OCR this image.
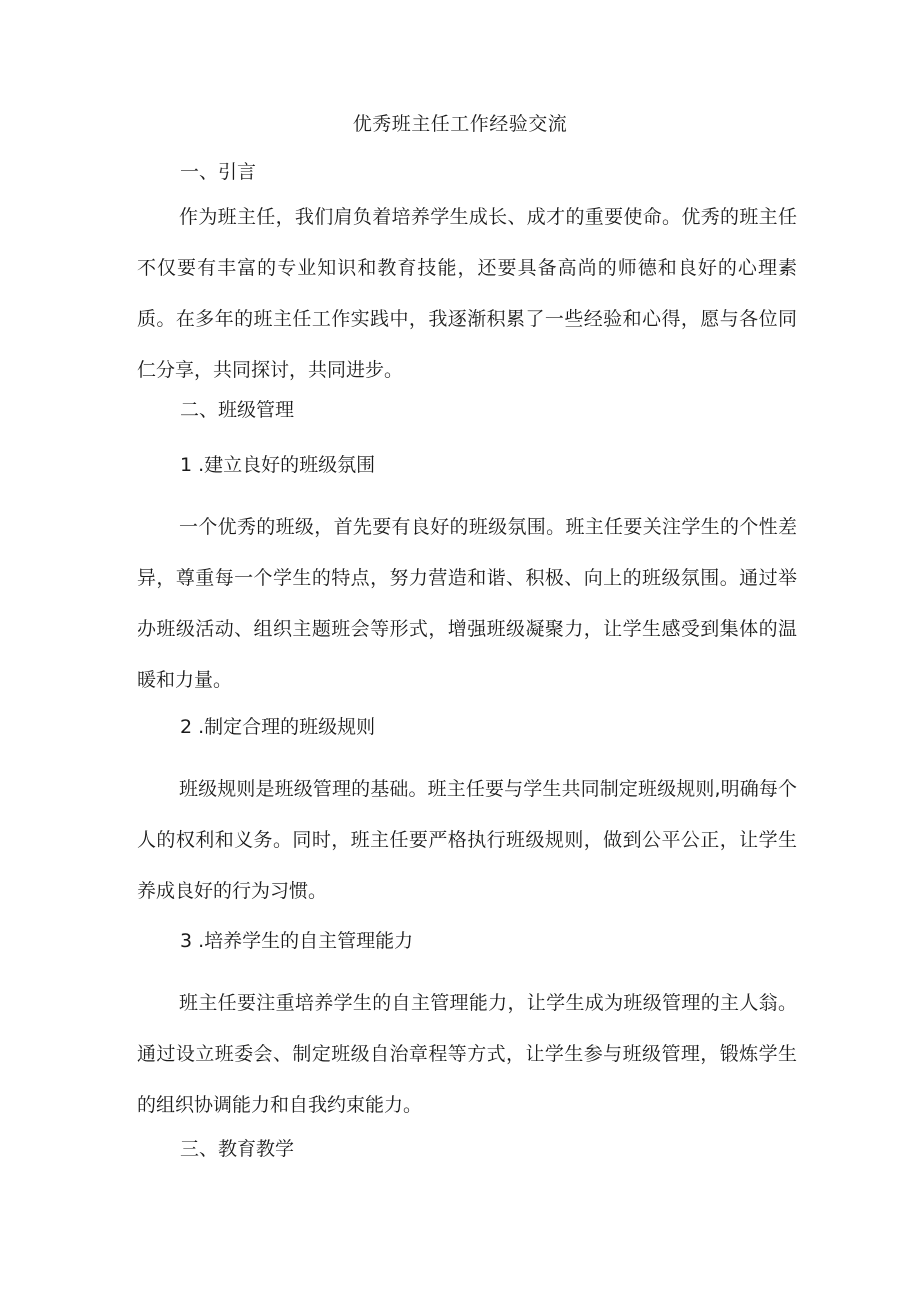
优秀班主任工作经验交流
一、引言

作为班主任，我们肩负着培养学生成长、成才的重要使命。优秀的班主任不仅要有丰富的专业知识和教育技能，还要具备高尚的师德和良好的心理素质。在多年的班主任工作实践中，我逐渐积累了一些经验和心得，愿与各位同仁分享，共同探讨，共同进步。

二、班级管理
1 .建立良好的班级氛围

一个优秀的班级，首先要有良好的班级氛围。班主任要关注学生的个性差异，尊重每一个学生的特点，努力营造和谐、积极、向上的班级氛围。通过举办班级活动、组织主题班会等形式，增强班级凝聚力，让学生感受到集体的温暖和力量。

2 .制定合理的班级规则

班级规则是班级管理的基础。班主任要与学生共同制定班级规则,明确每个人的权利和义务。同时，班主任要严格执行班级规则，做到公平公正，让学生养成良好的行为习惯。

3 .培养学生的自主管理能力

班主任要注重培养学生的自主管理能力，让学生成为班级管理的主人翁。通过设立班委会、制定班级自治章程等方式，让学生参与班级管理，锻炼学生的组织协调能力和自我约束能力。

三、教育教学
